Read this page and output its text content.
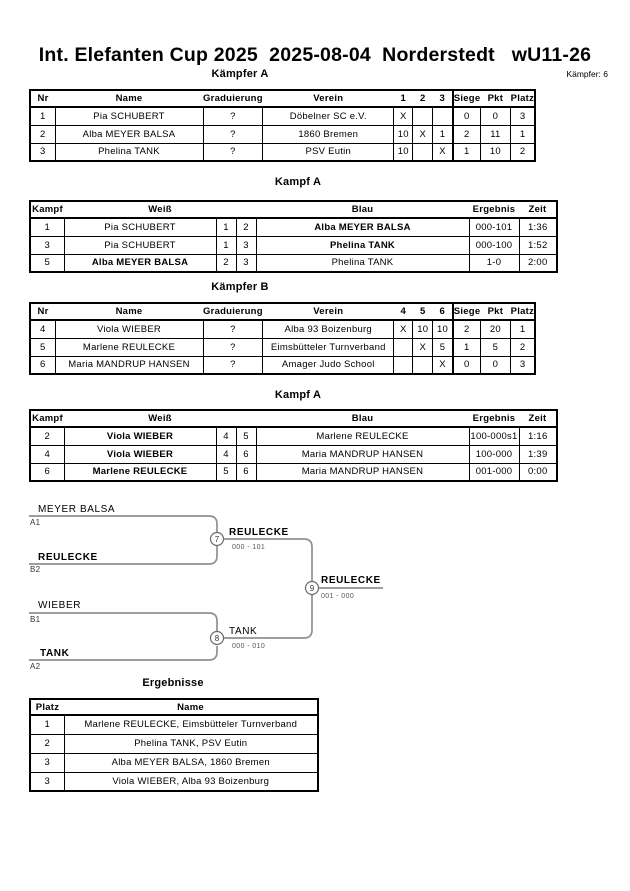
Int. Elefanten Cup 2025  2025-08-04  Norderstedt   wU11-26
Kämpfer: 6
Kämpfer A
Nr	Name	Graduierung	Verein	1	2	3	Siege	Pkt	Platz
1	Pia SCHUBERT	?	Döbelner SC e.V.	X			0	0	3
2	Alba MEYER BALSA	?	1860 Bremen	10	X	1	2	11	1
3	Phelina TANK	?	PSV Eutin	10		X	1	10	2
Kampf A
Kampf	Weiß			Blau	Ergebnis	Zeit
1	Pia SCHUBERT	1	2	Alba MEYER BALSA	000-101	1:36
3	Pia SCHUBERT	1	3	Phelina TANK	000-100	1:52
5	Alba MEYER BALSA	2	3	Phelina TANK	1-0	2:00
Kämpfer B
Nr	Name	Graduierung	Verein	4	5	6	Siege	Pkt	Platz
4	Viola WIEBER	?	Alba 93 Boizenburg	X	10	10	2	20	1
5	Marlene REULECKE	?	Eimsbütteler Turnverband		X	5	1	5	2
6	Maria MANDRUP HANSEN	?	Amager Judo School			X	0	0	3
Kampf A
Kampf	Weiß			Blau	Ergebnis	Zeit
2	Viola WIEBER	4	5	Marlene REULECKE	100-000s1	1:16
4	Viola WIEBER	4	6	Maria MANDRUP HANSEN	100-000	1:39
6	Marlene REULECKE	5	6	Maria MANDRUP HANSEN	001-000	0:00
7
8
9
MEYER BALSA
A1
REULECKE
B2
WIEBER
B1
TANK
A2
REULECKE
000 - 101
TANK
000 - 010
REULECKE
001 - 000
Ergebnisse
Platz	Name
1	Marlene REULECKE, Eimsbütteler Turnverband
2	Phelina TANK, PSV Eutin
3	Alba MEYER BALSA, 1860 Bremen
3	Viola WIEBER, Alba 93 Boizenburg
